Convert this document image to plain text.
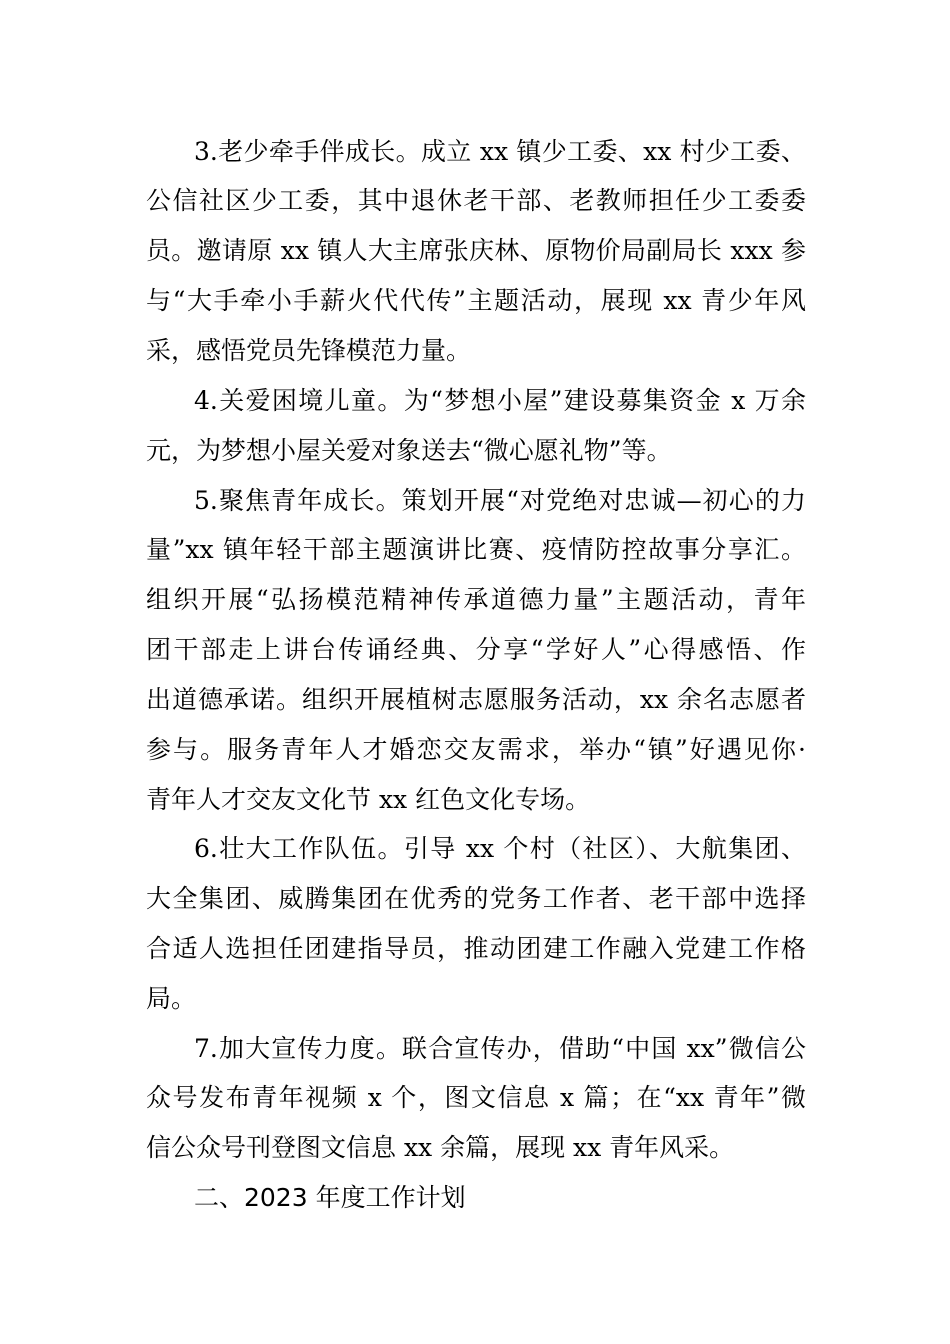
3.老少牵手伴成长。成立 xx 镇少工委、xx 村少工委、
公信社区少工委，其中退休老干部、老教师担任少工委委
员。邀请原 xx 镇人大主席张庆林、原物价局副局长 xxx 参
与“大手牵小手薪火代代传”主题活动，展现 xx 青少年风
采，感悟党员先锋模范力量。
4.关爱困境儿童。为“梦想小屋”建设募集资金 x 万余
元，为梦想小屋关爱对象送去“微心愿礼物”等。
5.聚焦青年成长。策划开展“对党绝对忠诚—初心的力
量”xx 镇年轻干部主题演讲比赛、疫情防控故事分享汇。
组织开展“弘扬模范精神传承道德力量”主题活动，青年
团干部走上讲台传诵经典、分享“学好人”心得感悟、作
出道德承诺。组织开展植树志愿服务活动，xx 余名志愿者
参与。服务青年人才婚恋交友需求，举办“镇”好遇见你·
青年人才交友文化节 xx 红色文化专场。
6.壮大工作队伍。引导 xx 个村（社区）、大航集团、
大全集团、威腾集团在优秀的党务工作者、老干部中选择
合适人选担任团建指导员，推动团建工作融入党建工作格
局。
7.加大宣传力度。联合宣传办，借助“中国 xx”微信公
众号发布青年视频 x 个，图文信息 x 篇；在“xx 青年”微
信公众号刊登图文信息 xx 余篇，展现 xx 青年风采。
二、2023 年度工作计划
